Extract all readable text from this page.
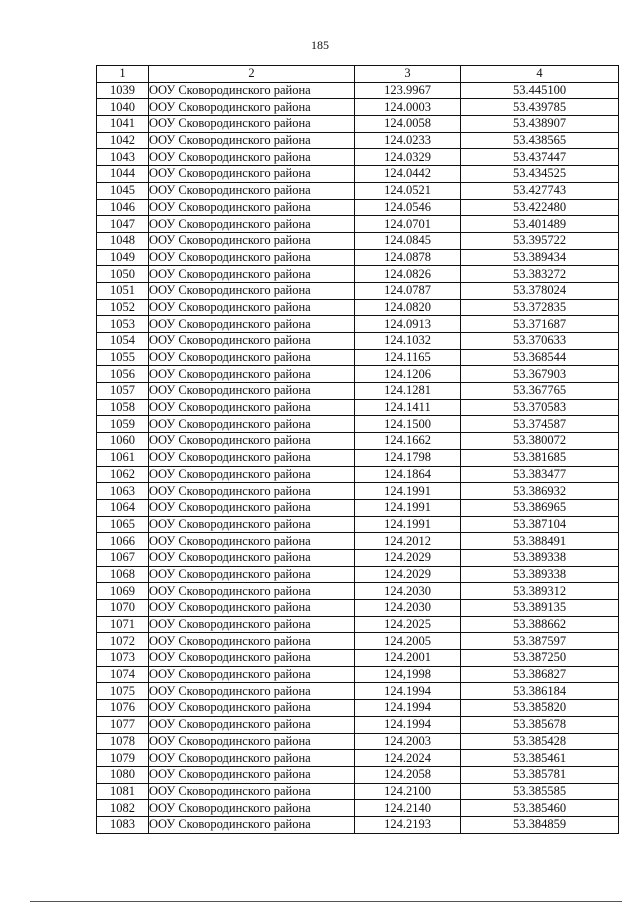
185
1	2	3	4
1039	ООУ Сковородинского района	123.9967	53.445100
1040	ООУ Сковородинского района	124.0003	53.439785
1041	ООУ Сковородинского района	124.0058	53.438907
1042	ООУ Сковородинского района	124.0233	53.438565
1043	ООУ Сковородинского района	124.0329	53.437447
1044	ООУ Сковородинского района	124.0442	53.434525
1045	ООУ Сковородинского района	124.0521	53.427743
1046	ООУ Сковородинского района	124.0546	53.422480
1047	ООУ Сковородинского района	124.0701	53.401489
1048	ООУ Сковородинского района	124.0845	53.395722
1049	ООУ Сковородинского района	124.0878	53.389434
1050	ООУ Сковородинского района	124.0826	53.383272
1051	ООУ Сковородинского района	124.0787	53.378024
1052	ООУ Сковородинского района	124.0820	53.372835
1053	ООУ Сковородинского района	124.0913	53.371687
1054	ООУ Сковородинского района	124.1032	53.370633
1055	ООУ Сковородинского района	124.1165	53.368544
1056	ООУ Сковородинского района	124.1206	53.367903
1057	ООУ Сковородинского района	124.1281	53.367765
1058	ООУ Сковородинского района	124.1411	53.370583
1059	ООУ Сковородинского района	124.1500	53.374587
1060	ООУ Сковородинского района	124.1662	53.380072
1061	ООУ Сковородинского района	124.1798	53.381685
1062	ООУ Сковородинского района	124.1864	53.383477
1063	ООУ Сковородинского района	124.1991	53.386932
1064	ООУ Сковородинского района	124.1991	53.386965
1065	ООУ Сковородинского района	124.1991	53.387104
1066	ООУ Сковородинского района	124.2012	53.388491
1067	ООУ Сковородинского района	124.2029	53.389338
1068	ООУ Сковородинского района	124.2029	53.389338
1069	ООУ Сковородинского района	124.2030	53.389312
1070	ООУ Сковородинского района	124.2030	53.389135
1071	ООУ Сковородинского района	124.2025	53.388662
1072	ООУ Сковородинского района	124.2005	53.387597
1073	ООУ Сковородинского района	124.2001	53.387250
1074	ООУ Сковородинского района	124,1998	53.386827
1075	ООУ Сковородинского района	124.1994	53.386184
1076	ООУ Сковородинского района	124.1994	53.385820
1077	ООУ Сковородинского района	124.1994	53.385678
1078	ООУ Сковородинского района	124.2003	53.385428
1079	ООУ Сковородинского района	124.2024	53.385461
1080	ООУ Сковородинского района	124.2058	53.385781
1081	ООУ Сковородинского района	124.2100	53.385585
1082	ООУ Сковородинского района	124.2140	53.385460
1083	ООУ Сковородинского района	124.2193	53.384859
